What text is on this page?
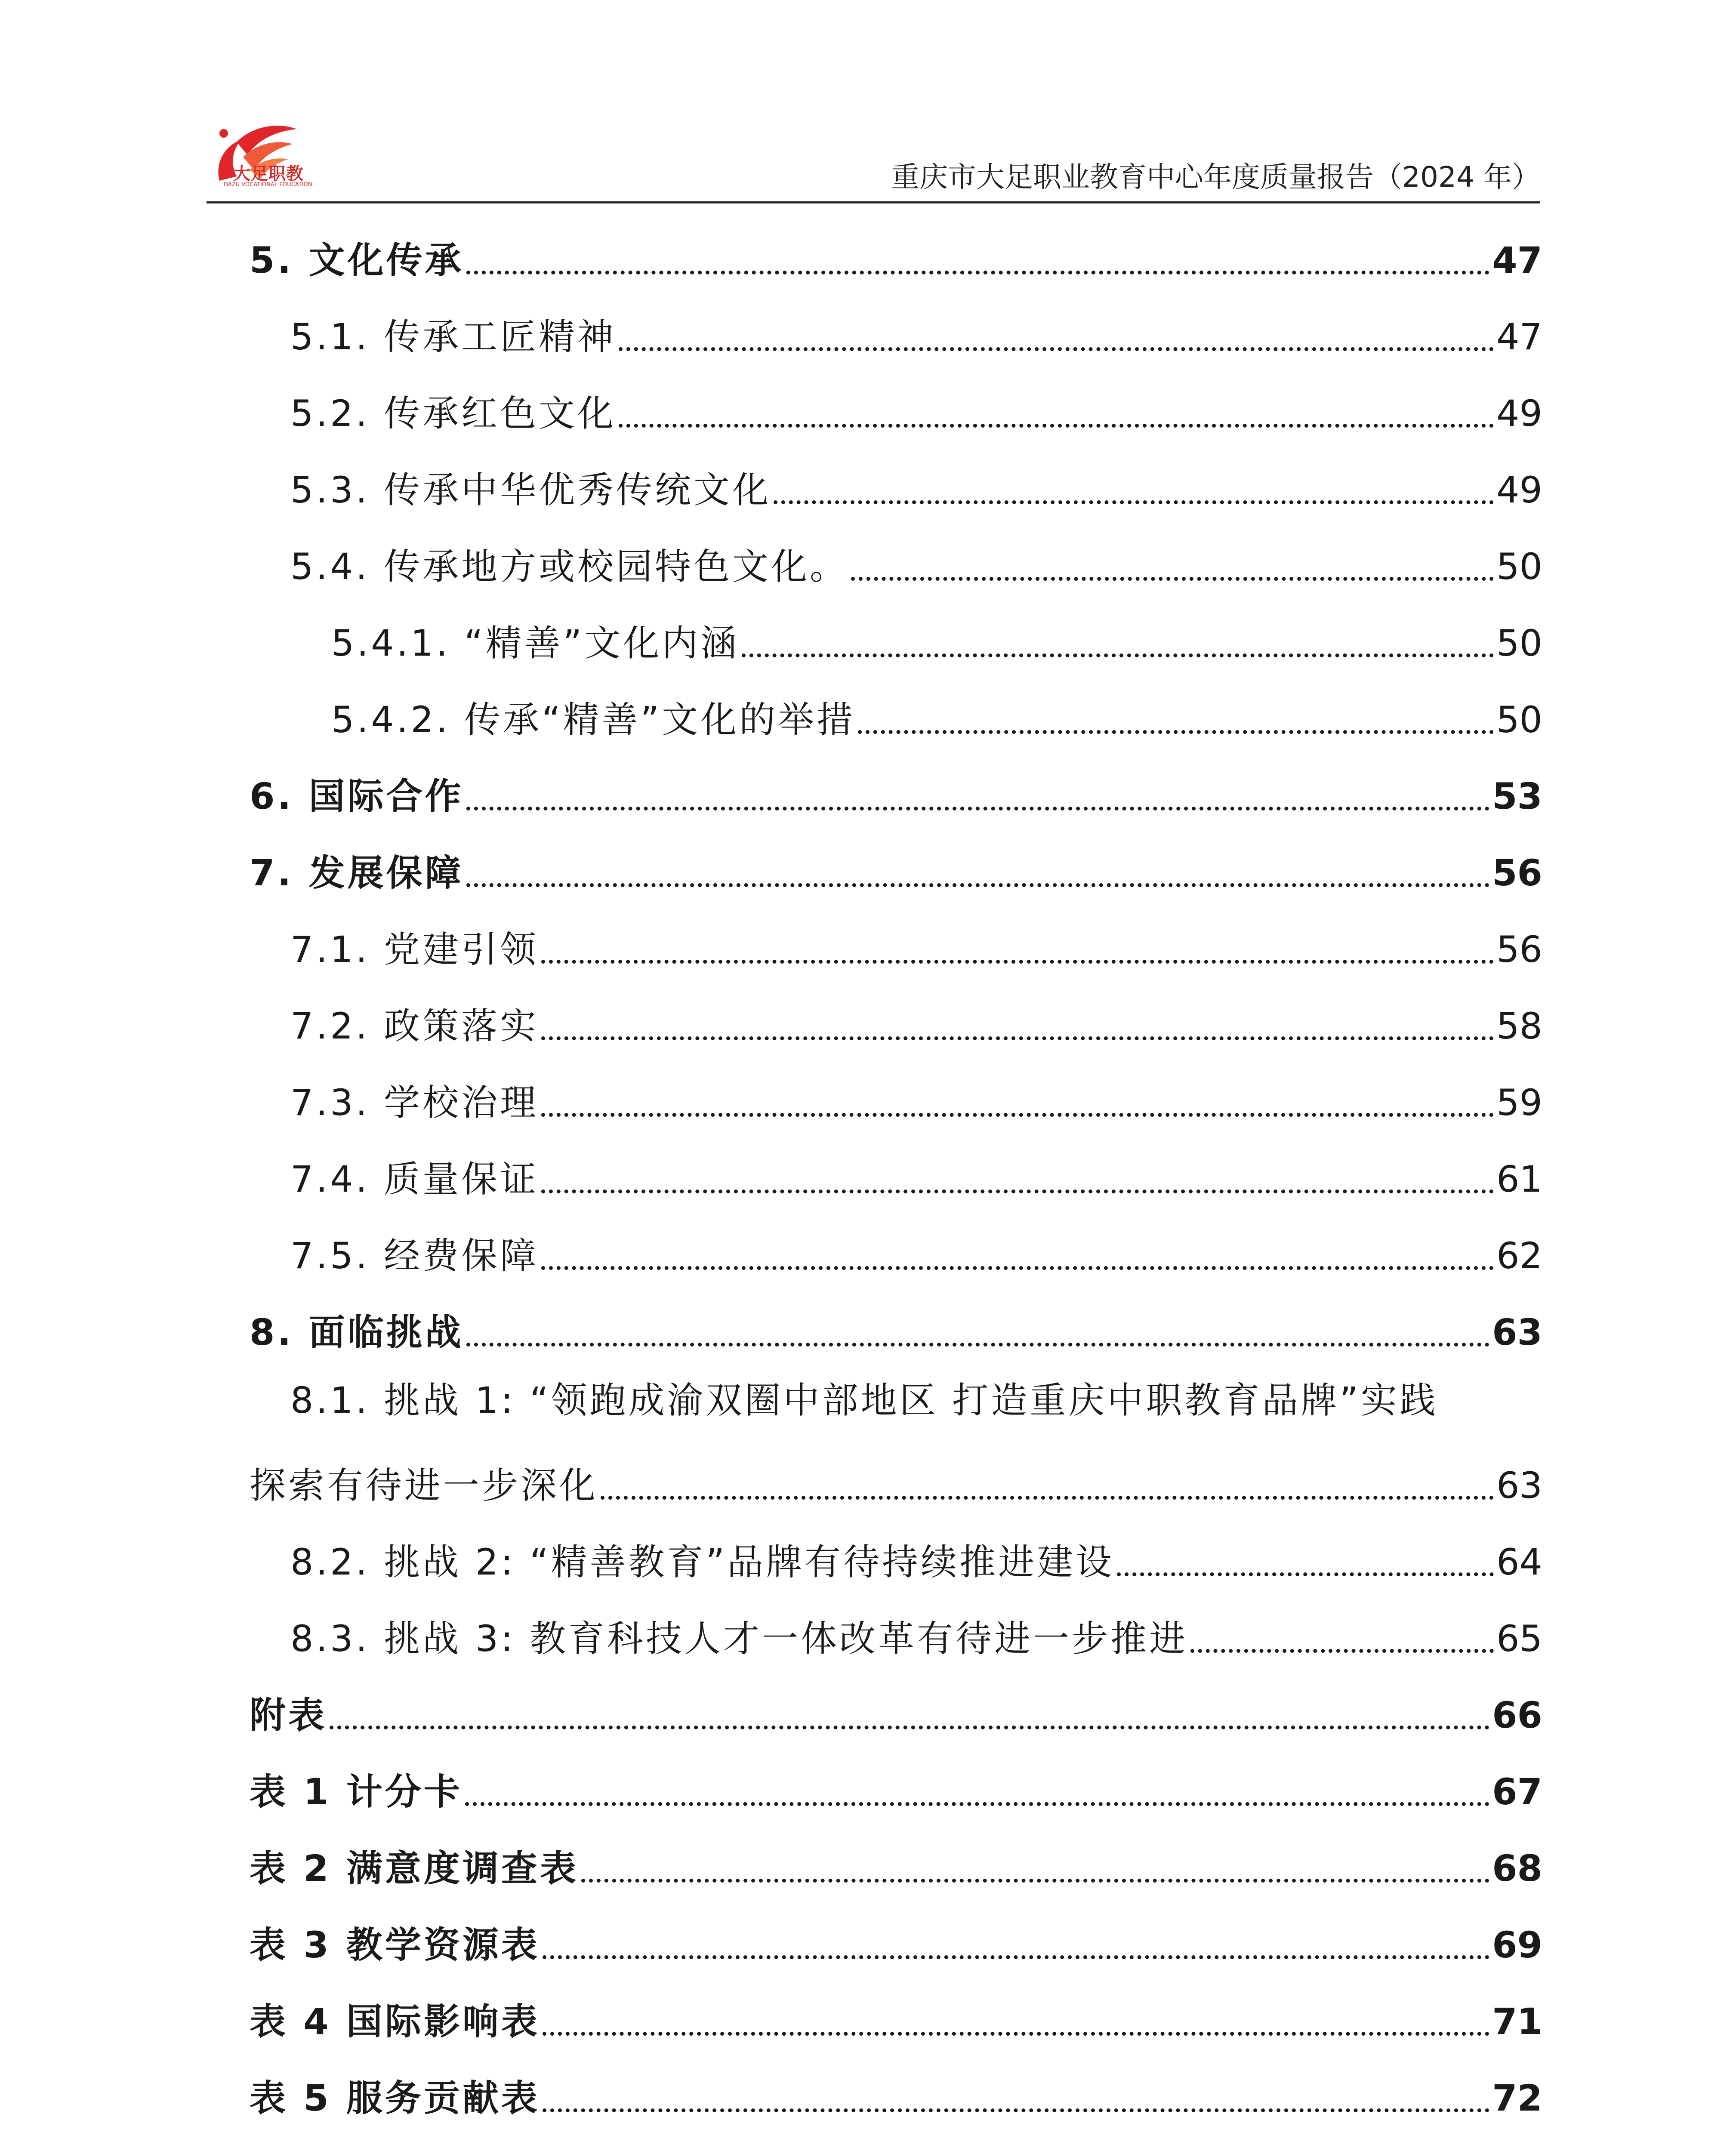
大足职教
DAZU VOCATIONAL EDUCATION	重庆市大足职业教育中心年度质量报告（2024 年）
5. 文化传承	47
5.1. 传承工匠精神	47
5.2. 传承红色文化	49
5.3. 传承中华优秀传统文化	49
5.4. 传承地方或校园特色文化。	50
5.4.1. “精善”文化内涵	50
5.4.2. 传承“精善”文化的举措	50
6. 国际合作	53
7. 发展保障	56
7.1. 党建引领	56
7.2. 政策落实	58
7.3. 学校治理	59
7.4. 质量保证	61
7.5. 经费保障	62
8. 面临挑战	63
8.1. 挑战 1: “领跑成渝双圈中部地区 打造重庆中职教育品牌”实践
探索有待进一步深化	63
8.2. 挑战 2: “精善教育”品牌有待持续推进建设	64
8.3. 挑战 3: 教育科技人才一体改革有待进一步推进	65
附表	66
表 1 计分卡	67
表 2 满意度调查表	68
表 3 教学资源表	69
表 4 国际影响表	71
表 5 服务贡献表	72
